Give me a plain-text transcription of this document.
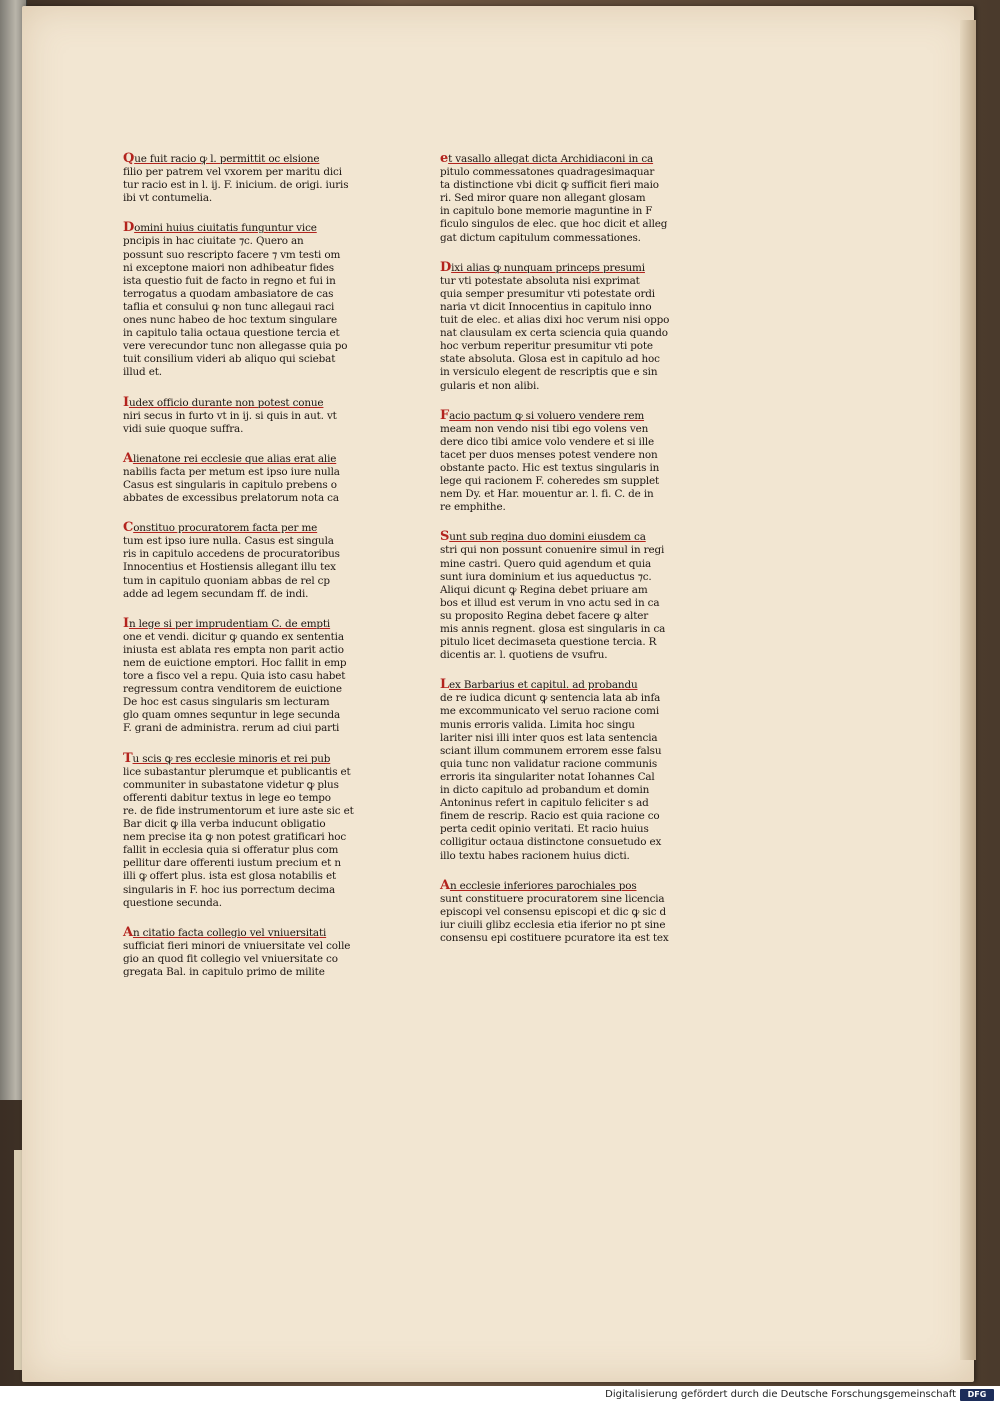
Que fuit racio ꝙ l. permittit oc elsione

filio per patrem vel vxorem per maritu dici

tur racio est in l. ij. F. inicium. de origi. iuris

ibi vt contumelia.

Domini huius ciuitatis funguntur vice

pncipis in hac ciuitate ⁊c. Quero an

possunt suo rescripto facere ⁊ vm testi om

ni exceptone maiori non adhibeatur fides

ista questio fuit de facto in regno et fui in

terrogatus a quodam ambasiatore de cas

taflia et consului ꝙ non tunc allegaui raci

ones nunc habeo de hoc textum singulare

in capitulo talia octaua questione tercia et

vere verecundor tunc non allegasse quia po

tuit consilium videri ab aliquo qui sciebat

illud et.

Iudex officio durante non potest conue

niri secus in furto vt in ij. si quis in aut. vt

vidi suie quoque suffra.

Alienatone rei ecclesie que alias erat alie

nabilis facta per metum est ipso iure nulla

Casus est singularis in capitulo prebens o

abbates de excessibus prelatorum nota ca

Constituo procuratorem facta per me

tum est ipso iure nulla. Casus est singula

ris in capitulo accedens de procuratoribus

Innocentius et Hostiensis allegant illu tex

tum in capitulo quoniam abbas de rel cp

adde ad legem secundam ff. de indi.

In lege si per imprudentiam C. de empti

one et vendi. dicitur ꝙ quando ex sententia

iniusta est ablata res empta non parit actio

nem de euictione emptori. Hoc fallit in emp

tore a fisco vel a repu. Quia isto casu habet

regressum contra venditorem de euictione

De hoc est casus singularis sm lecturam

glo quam omnes sequntur in lege secunda

F. grani de administra. rerum ad ciui parti

Tu scis ꝙ res ecclesie minoris et rei pub

lice subastantur plerumque et publicantis et

communiter in subastatone videtur ꝙ plus

offerenti dabitur textus in lege eo tempo

re. de fide instrumentorum et iure aste sic et

Bar dicit ꝙ illa verba inducunt obligatio

nem precise ita ꝙ non potest gratificari hoc

fallit in ecclesia quia si offeratur plus com

pellitur dare offerenti iustum precium et n

illi ꝙ offert plus. ista est glosa notabilis et

singularis in F. hoc ius porrectum decima

questione secunda.

An citatio facta collegio vel vniuersitati

sufficiat fieri minori de vniuersitate vel colle

gio an quod fit collegio vel vniuersitate co

gregata Bal. in capitulo primo de milite

et vasallo allegat dicta Archidiaconi in ca

pitulo commessatones quadragesimaquar

ta distinctione vbi dicit ꝙ sufficit fieri maio

ri. Sed miror quare non allegant glosam

in capitulo bone memorie maguntine in F

ficulo singulos de elec. que hoc dicit et alleg

gat dictum capitulum commessationes.

Dixi alias ꝙ nunquam princeps presumi

tur vti potestate absoluta nisi exprimat

quia semper presumitur vti potestate ordi

naria vt dicit Innocentius in capitulo inno

tuit de elec. et alias dixi hoc verum nisi oppo

nat clausulam ex certa sciencia quia quando

hoc verbum reperitur presumitur vti pote

state absoluta. Glosa est in capitulo ad hoc

in versiculo elegent de rescriptis que e sin

gularis et non alibi.

Facio pactum ꝙ si voluero vendere rem

meam non vendo nisi tibi ego volens ven

dere dico tibi amice volo vendere et si ille

tacet per duos menses potest vendere non

obstante pacto. Hic est textus singularis in

lege qui racionem F. coheredes sm supplet

nem Dy. et Har. mouentur ar. l. fi. C. de in

re emphithe.

Sunt sub regina duo domini eiusdem ca

stri qui non possunt conuenire simul in regi

mine castri. Quero quid agendum et quia

sunt iura dominium et ius aqueductus ⁊c.

Aliqui dicunt ꝙ Regina debet priuare am

bos et illud est verum in vno actu sed in ca

su proposito Regina debet facere ꝙ alter

mis annis regnent. glosa est singularis in ca

pitulo licet decimaseta questione tercia. R

dicentis ar. l. quotiens de vsufru.

Lex Barbarius et capitul. ad probandu

de re iudica dicunt ꝙ sentencia lata ab infa

me excommunicato vel seruo racione comi

munis erroris valida. Limita hoc singu

lariter nisi illi inter quos est lata sentencia

sciant illum communem errorem esse falsu

quia tunc non validatur racione communis

erroris ita singulariter notat Iohannes Cal

in dicto capitulo ad probandum et domin

Antoninus refert in capitulo feliciter s ad

finem de rescrip. Racio est quia racione co

perta cedit opinio veritati. Et racio huius

colligitur octaua distinctone consuetudo ex

illo textu habes racionem huius dicti.

An ecclesie inferiores parochiales pos

sunt constituere procuratorem sine licencia

episcopi vel consensu episcopi et dic ꝙ sic d

iur ciuili glibz ecclesia etia iferior no pt sine

consensu epi costituere pcuratore ita est tex

Digitalisierung gefördert durch die Deutsche Forschungsgemeinschaft	DFG
